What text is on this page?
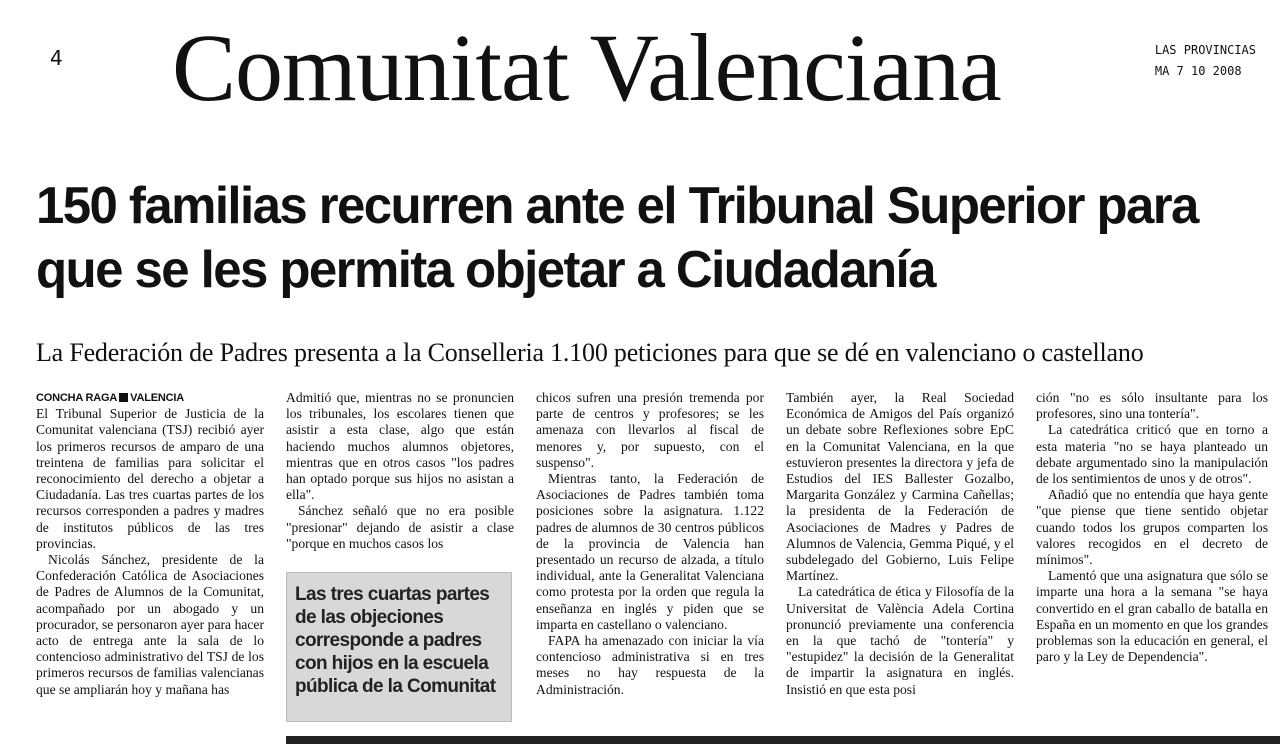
4 Comunitat Valenciana	LAS PROVINCIAS
MA 7 10 2008
150 familias recurren ante el Tribunal Superior para que se les permita objetar a Ciudadanía
La Federación de Padres presenta a la Conselleria 1.100 peticiones para que se dé en valenciano o castellano
CONCHA RAGA VALENCIA

El Tribunal Superior de Justicia de la Comunitat valenciana (TSJ) recibió ayer los primeros recursos de amparo de una treintena de familias para solicitar el reconocimiento del derecho a objetar a Ciudadanía. Las tres cuartas partes de los recursos corresponden a padres y madres de institutos públicos de las tres provincias.

Nicolás Sánchez, presidente de la Confederación Católica de Asociaciones de Padres de Alumnos de la Comunitat, acompañado por un abogado y un procurador, se personaron ayer para hacer acto de entrega ante la sala de lo contencioso administrativo del TSJ de los primeros recursos de familias valencianas que se ampliarán hoy y mañana has

Admitió que, mientras no se pronuncien los tribunales, los escolares tienen que asistir a esta clase, algo que están haciendo muchos alumnos objetores, mientras que en otros casos "los padres han optado porque sus hijos no asistan a ella".

Sánchez señaló que no era posible "presionar" dejando de asistir a clase "porque en muchos casos los

Las tres cuartas partes de las objeciones corresponde a padres con hijos en la escuela pública de la Comunitat

chicos sufren una presión tremenda por parte de centros y profesores; se les amenaza con llevarlos al fiscal de menores y, por supuesto, con el suspenso".

Mientras tanto, la Federación de Asociaciones de Padres también toma posiciones sobre la asignatura. 1.122 padres de alumnos de 30 centros públicos de la provincia de Valencia han presentado un recurso de alzada, a título individual, ante la Generalitat Valenciana como protesta por la orden que regula la enseñanza en inglés y piden que se imparta en castellano o valenciano.

FAPA ha amenazado con iniciar la vía contencioso administrativa si en tres meses no hay respuesta de la Administración.

También ayer, la Real Sociedad Económica de Amigos del País organizó un debate sobre Reflexiones sobre EpC en la Comunitat Valenciana, en la que estuvieron presentes la directora y jefa de Estudios del IES Ballester Gozalbo, Margarita González y Carmina Cañellas; la presidenta de la Federación de Asociaciones de Madres y Padres de Alumnos de Valencia, Gemma Piqué, y el subdelegado del Gobierno, Luis Felipe Martínez.

La catedrática de ética y Filosofía de la Universitat de València Adela Cortina pronunció previamente una conferencia en la que tachó de "tontería" y "estupidez" la decisión de la Generalitat de impartir la asignatura en inglés. Insistió en que esta posi

ción "no es sólo insultante para los profesores, sino una tontería".

La catedrática criticó que en torno a esta materia "no se haya planteado un debate argumentado sino la manipulación de los sentimientos de unos y de otros".

Añadió que no entendía que haya gente "que piense que tiene sentido objetar cuando todos los grupos comparten los valores recogidos en el decreto de mínimos".

Lamentó que una asignatura que sólo se imparte una hora a la semana "se haya convertido en el gran caballo de batalla en España en un momento en que los grandes problemas son la educación en general, el paro y la Ley de Dependencia".
